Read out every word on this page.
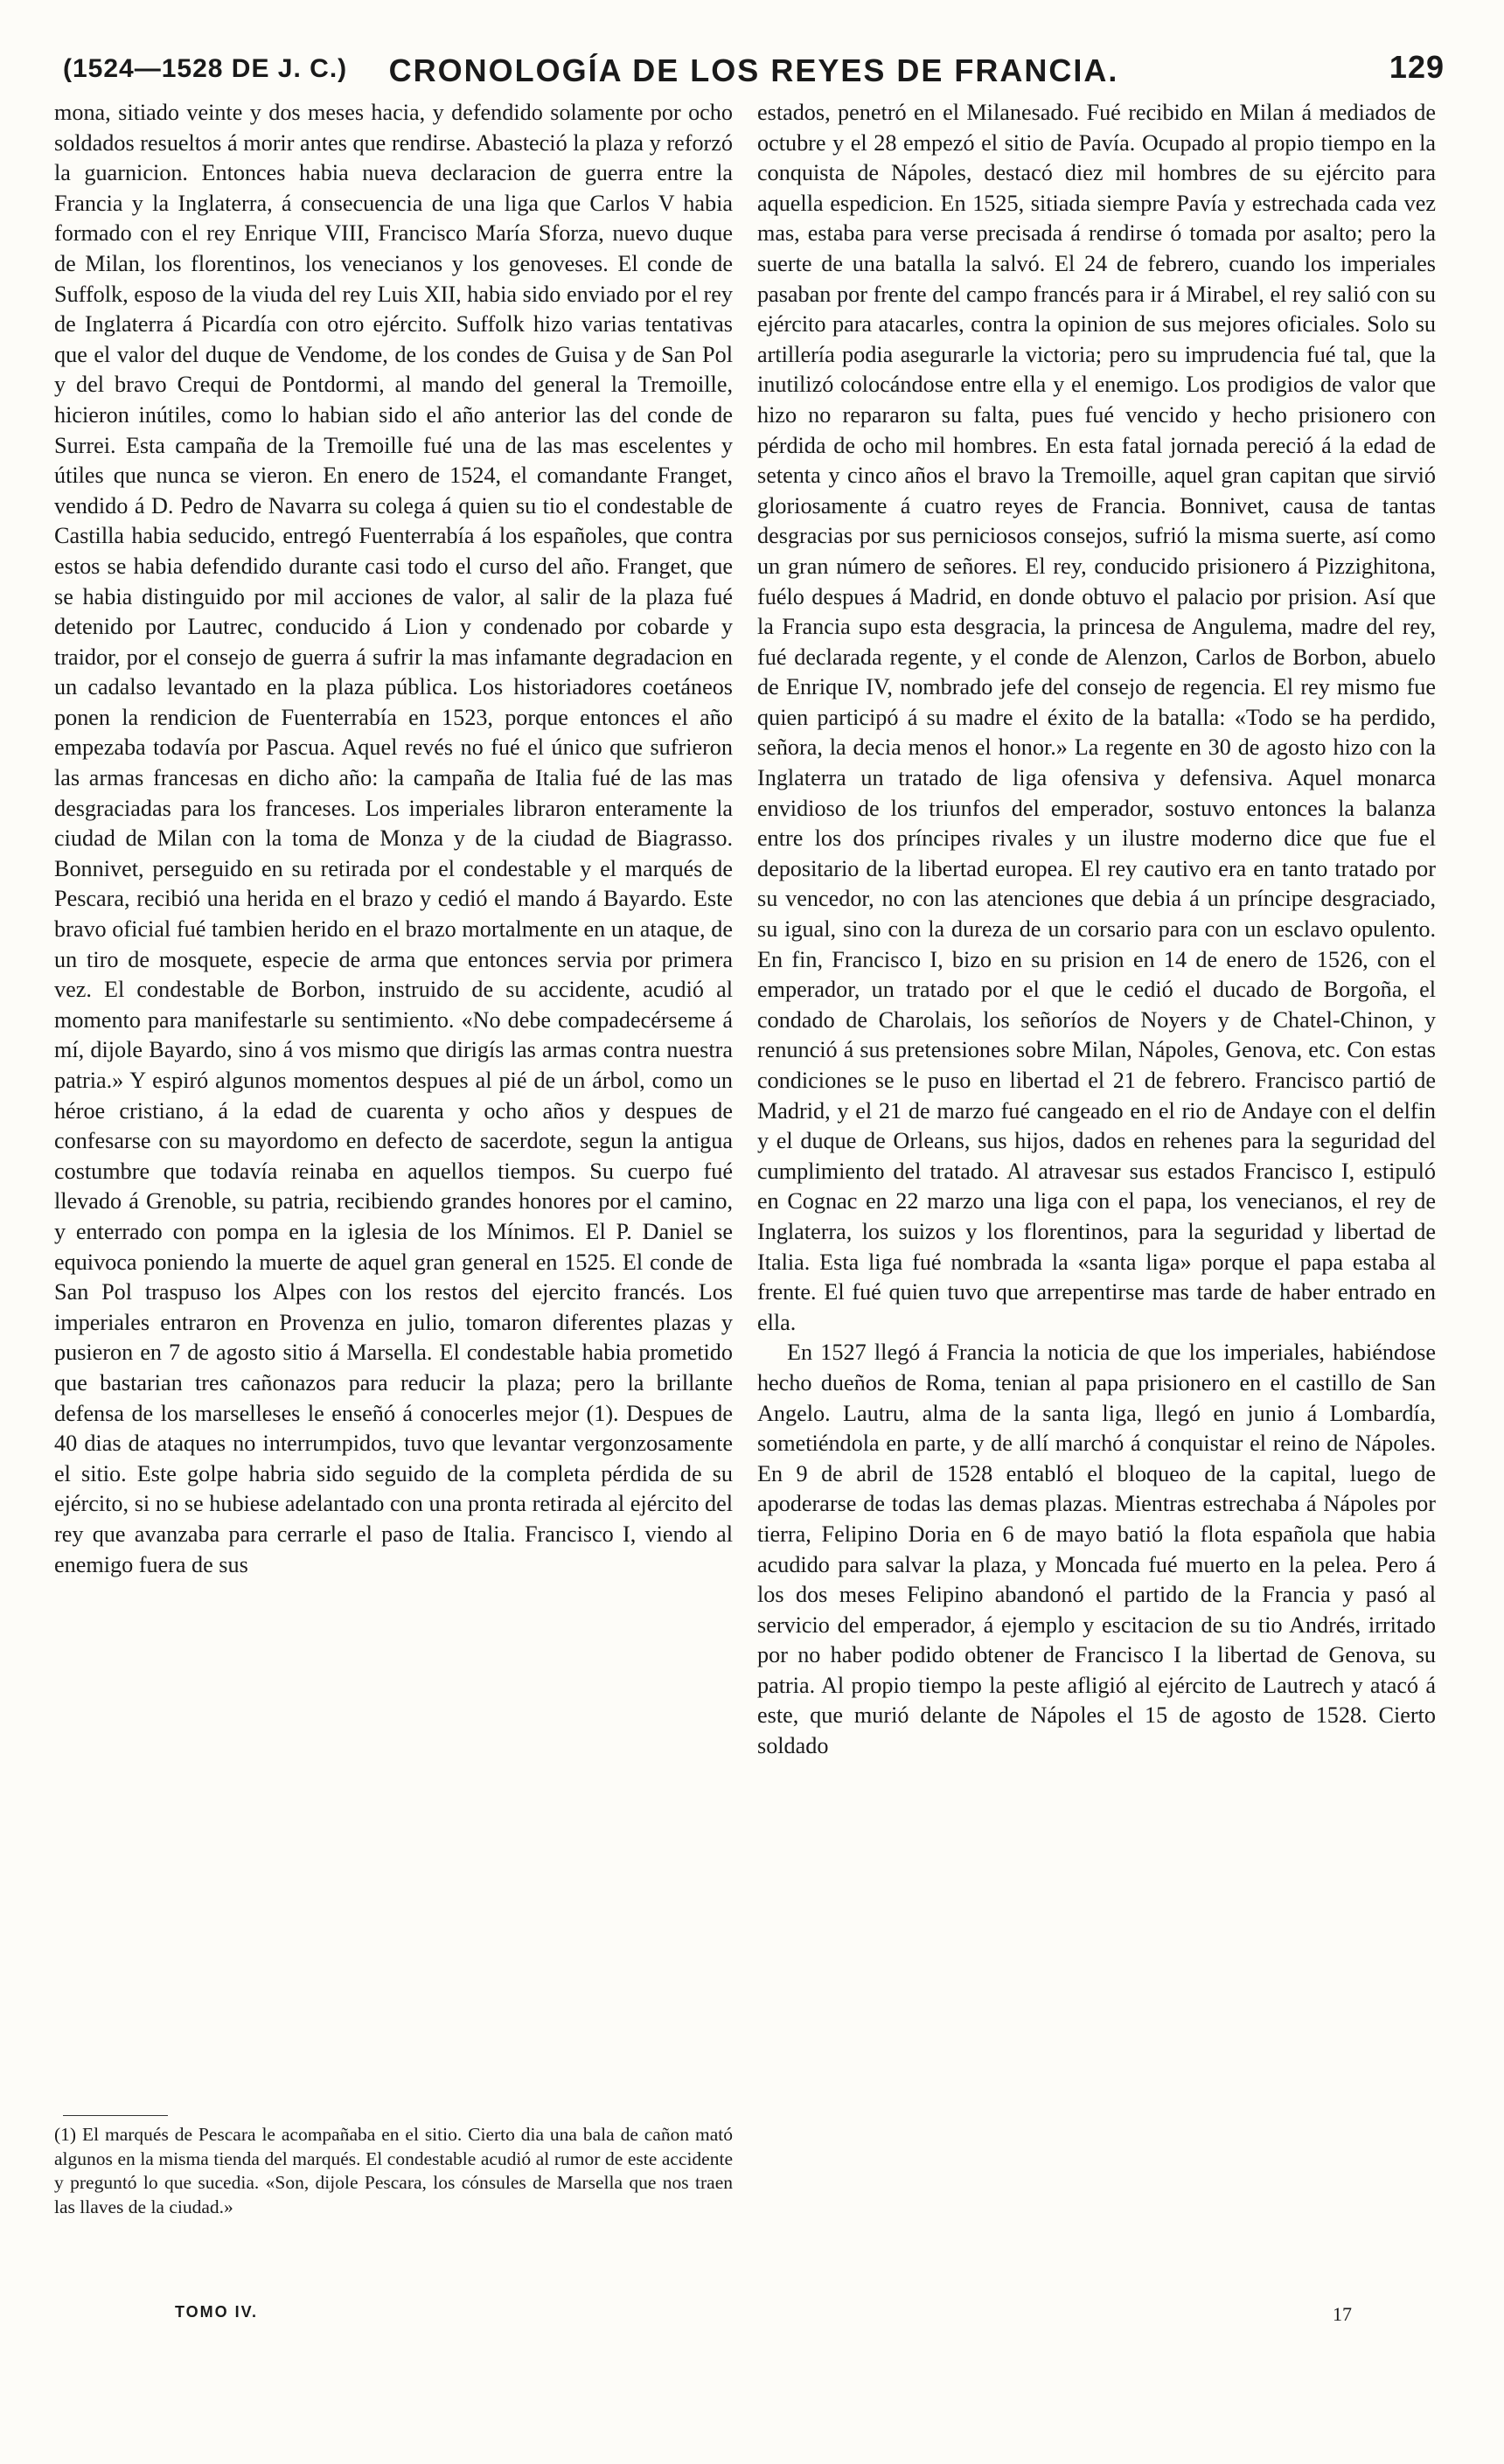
(1524—1528 DE J. C.)	CRONOLOGÍA DE LOS REYES DE FRANCIA.	129

mona, sitiado veinte y dos meses hacia, y defendido solamente por ocho soldados resueltos á morir antes que rendirse. Abasteció la plaza y reforzó la guarnicion. Entonces habia nueva declaracion de guerra entre la Francia y la Inglaterra, á consecuencia de una liga que Carlos V habia formado con el rey Enrique VIII, Francisco María Sforza, nuevo duque de Milan, los florentinos, los venecianos y los genoveses. El conde de Suffolk, esposo de la viuda del rey Luis XII, habia sido enviado por el rey de Inglaterra á Picardía con otro ejército. Suffolk hizo varias tentativas que el valor del duque de Vendome, de los condes de Guisa y de San Pol y del bravo Crequi de Pontdormi, al mando del general la Tremoille, hicieron inútiles, como lo habian sido el año anterior las del conde de Surrei. Esta campaña de la Tremoille fué una de las mas escelentes y útiles que nunca se vieron. En enero de 1524, el comandante Franget, vendido á D. Pedro de Navarra su colega á quien su tio el condestable de Castilla habia seducido, entregó Fuenterrabía á los españoles, que contra estos se habia defendido durante casi todo el curso del año. Franget, que se habia distinguido por mil acciones de valor, al salir de la plaza fué detenido por Lautrec, conducido á Lion y condenado por cobarde y traidor, por el consejo de guerra á sufrir la mas infamante degradacion en un cadalso levantado en la plaza pública. Los historiadores coetáneos ponen la rendicion de Fuenterrabía en 1523, porque entonces el año empezaba todavía por Pascua. Aquel revés no fué el único que sufrieron las armas francesas en dicho año: la campaña de Italia fué de las mas desgraciadas para los franceses. Los imperiales libraron enteramente la ciudad de Milan con la toma de Monza y de la ciudad de Biagrasso. Bonnivet, perseguido en su retirada por el condestable y el marqués de Pescara, recibió una herida en el brazo y cedió el mando á Bayardo. Este bravo oficial fué tambien herido en el brazo mortalmente en un ataque, de un tiro de mosquete, especie de arma que entonces servia por primera vez. El condestable de Borbon, instruido de su accidente, acudió al momento para manifestarle su sentimiento. «No debe compadecérseme á mí, dijole Bayardo, sino á vos mismo que dirigís las armas contra nuestra patria.» Y espiró algunos momentos despues al pié de un árbol, como un héroe cristiano, á la edad de cuarenta y ocho años y despues de confesarse con su mayordomo en defecto de sacerdote, segun la antigua costumbre que todavía reinaba en aquellos tiempos. Su cuerpo fué llevado á Grenoble, su patria, recibiendo grandes honores por el camino, y enterrado con pompa en la iglesia de los Mínimos. El P. Daniel se equivoca poniendo la muerte de aquel gran general en 1525. El conde de San Pol traspuso los Alpes con los restos del ejercito francés. Los imperiales entraron en Provenza en julio, tomaron diferentes plazas y pusieron en 7 de agosto sitio á Marsella. El condestable habia prometido que bastarian tres cañonazos para reducir la plaza; pero la brillante defensa de los marselleses le enseñó á conocerles mejor (1). Despues de 40 dias de ataques no interrumpidos, tuvo que levantar vergonzosamente el sitio. Este golpe habria sido seguido de la completa pérdida de su ejército, si no se hubiese adelantado con una pronta retirada al ejército del rey que avanzaba para cerrarle el paso de Italia. Francisco I, viendo al enemigo fuera de sus

estados, penetró en el Milanesado. Fué recibido en Milan á mediados de octubre y el 28 empezó el sitio de Pavía. Ocupado al propio tiempo en la conquista de Nápoles, destacó diez mil hombres de su ejército para aquella espedicion. En 1525, sitiada siempre Pavía y estrechada cada vez mas, estaba para verse precisada á rendirse ó tomada por asalto; pero la suerte de una batalla la salvó. El 24 de febrero, cuando los imperiales pasaban por frente del campo francés para ir á Mirabel, el rey salió con su ejército para atacarles, contra la opinion de sus mejores oficiales. Solo su artillería podia asegurarle la victoria; pero su imprudencia fué tal, que la inutilizó colocándose entre ella y el enemigo. Los prodigios de valor que hizo no repararon su falta, pues fué vencido y hecho prisionero con pérdida de ocho mil hombres. En esta fatal jornada pereció á la edad de setenta y cinco años el bravo la Tremoille, aquel gran capitan que sirvió gloriosamente á cuatro reyes de Francia. Bonnivet, causa de tantas desgracias por sus perniciosos consejos, sufrió la misma suerte, así como un gran número de señores. El rey, conducido prisionero á Pizzighitona, fuélo despues á Madrid, en donde obtuvo el palacio por prision. Así que la Francia supo esta desgracia, la princesa de Angulema, madre del rey, fué declarada regente, y el conde de Alenzon, Carlos de Borbon, abuelo de Enrique IV, nombrado jefe del consejo de regencia. El rey mismo fue quien participó á su madre el éxito de la batalla: «Todo se ha perdido, señora, la decia menos el honor.» La regente en 30 de agosto hizo con la Inglaterra un tratado de liga ofensiva y defensiva. Aquel monarca envidioso de los triunfos del emperador, sostuvo entonces la balanza entre los dos príncipes rivales y un ilustre moderno dice que fue el depositario de la libertad europea. El rey cautivo era en tanto tratado por su vencedor, no con las atenciones que debia á un príncipe desgraciado, su igual, sino con la dureza de un corsario para con un esclavo opulento. En fin, Francisco I, bizo en su prision en 14 de enero de 1526, con el emperador, un tratado por el que le cedió el ducado de Borgoña, el condado de Charolais, los señoríos de Noyers y de Chatel-Chinon, y renunció á sus pretensiones sobre Milan, Nápoles, Genova, etc. Con estas condiciones se le puso en libertad el 21 de febrero. Francisco partió de Madrid, y el 21 de marzo fué cangeado en el rio de Andaye con el delfin y el duque de Orleans, sus hijos, dados en rehenes para la seguridad del cumplimiento del tratado. Al atravesar sus estados Francisco I, estipuló en Cognac en 22 marzo una liga con el papa, los venecianos, el rey de Inglaterra, los suizos y los florentinos, para la seguridad y libertad de Italia. Esta liga fué nombrada la «santa liga» porque el papa estaba al frente. El fué quien tuvo que arrepentirse mas tarde de haber entrado en ella.

En 1527 llegó á Francia la noticia de que los imperiales, habiéndose hecho dueños de Roma, tenian al papa prisionero en el castillo de San Angelo. Lautru, alma de la santa liga, llegó en junio á Lombardía, sometiéndola en parte, y de allí marchó á conquistar el reino de Nápoles. En 9 de abril de 1528 entabló el bloqueo de la capital, luego de apoderarse de todas las demas plazas. Mientras estrechaba á Nápoles por tierra, Felipino Doria en 6 de mayo batió la flota española que habia acudido para salvar la plaza, y Moncada fué muerto en la pelea. Pero á los dos meses Felipino abandonó el partido de la Francia y pasó al servicio del emperador, á ejemplo y escitacion de su tio Andrés, irritado por no haber podido obtener de Francisco I la libertad de Genova, su patria. Al propio tiempo la peste afligió al ejército de Lautrech y atacó á este, que murió delante de Nápoles el 15 de agosto de 1528. Cierto soldado

(1) El marqués de Pescara le acompañaba en el sitio. Cierto dia una bala de cañon mató algunos en la misma tienda del marqués. El condestable acudió al rumor de este accidente y preguntó lo que sucedia. «Son, dijole Pescara, los cónsules de Marsella que nos traen las llaves de la ciudad.»
TOMO IV.	17
